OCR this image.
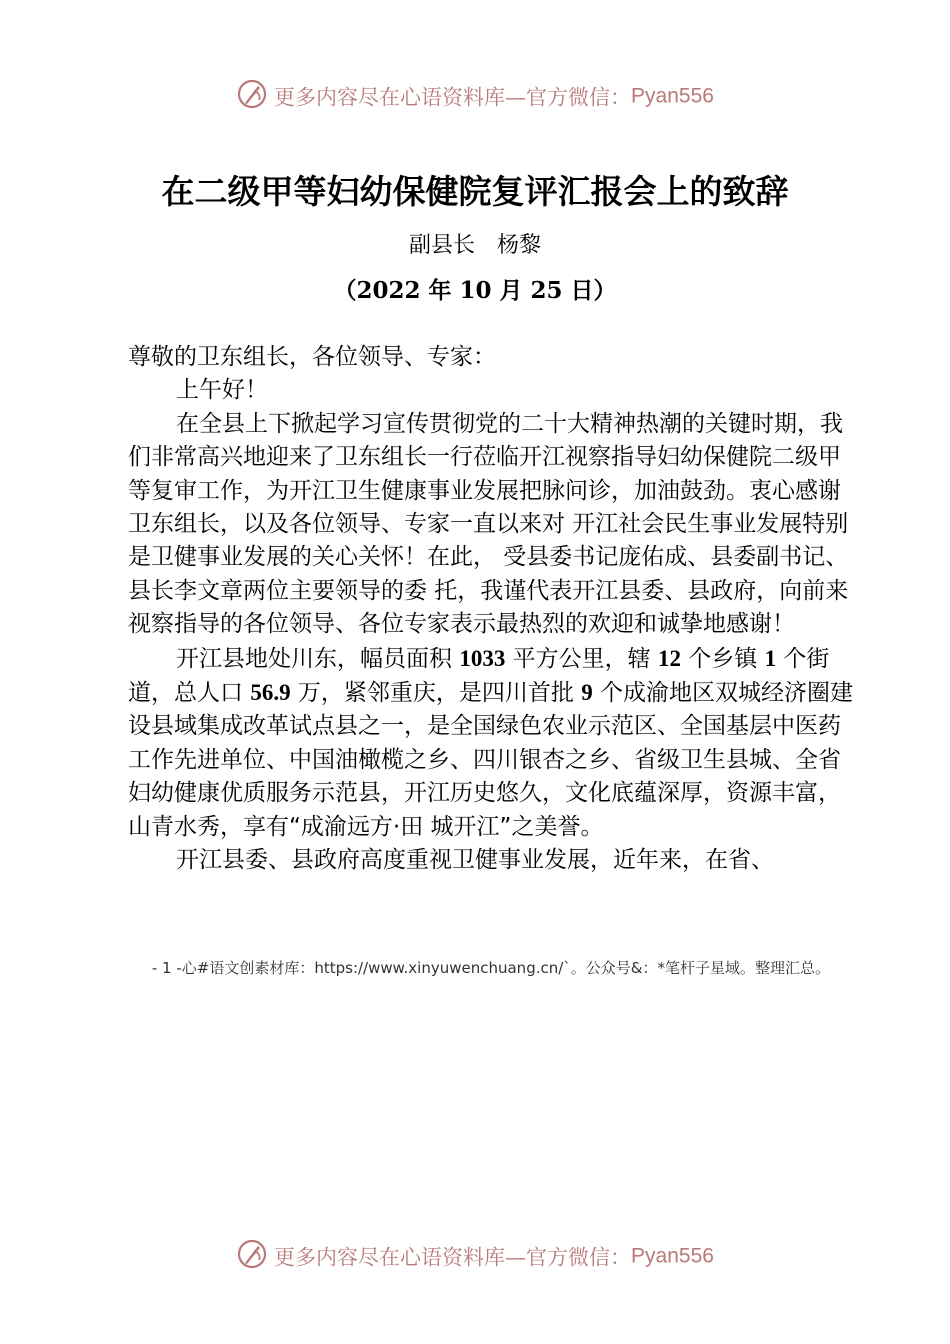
更多内容尽在心语资料库—官方微信：Pyan556
在二级甲等妇幼保健院复评汇报会上的致辞
副县长　杨黎
（2022 年 10 月 25 日）

尊敬的卫东组长，各位领导、专家：

上午好！

在全县上下掀起学习宣传贯彻党的二十大精神热潮的关键时期，我们非常高兴地迎来了卫东组长一行莅临开江视察指导妇幼保健院二级甲等复审工作，为开江卫生健康事业发展把脉问诊，加油鼓劲。衷心感谢卫东组长，以及各位领导、专家一直以来对 开江社会民生事业发展特别是卫健事业发展的关心关怀！在此， 受县委书记庞佑成、县委副书记、县长李文章两位主要领导的委 托，我谨代表开江县委、县政府，向前来视察指导的各位领导、各位专家表示最热烈的欢迎和诚挚地感谢！

开江县地处川东，幅员面积 1033 平方公里，辖 12 个乡镇 1 个街道，总人口 56.9 万，紧邻重庆，是四川首批 9 个成渝地区双城经济圈建设县域集成改革试点县之一，是全国绿色农业示范区、全国基层中医药工作先进单位、中国油橄榄之乡、四川银杏之乡、省级卫生县城、全省妇幼健康优质服务示范县，开江历史悠久，文化底蕴深厚，资源丰富，山青水秀，享有“成渝远方·田 城开江”之美誉。

开江县委、县政府高度重视卫健事业发展，近年来，在省、

- 1 -心#语文创素材库：https://www.xinyuwenchuang.cn/`。公众号&：*笔杆子星域。整理汇总。
更多内容尽在心语资料库—官方微信：Pyan556
